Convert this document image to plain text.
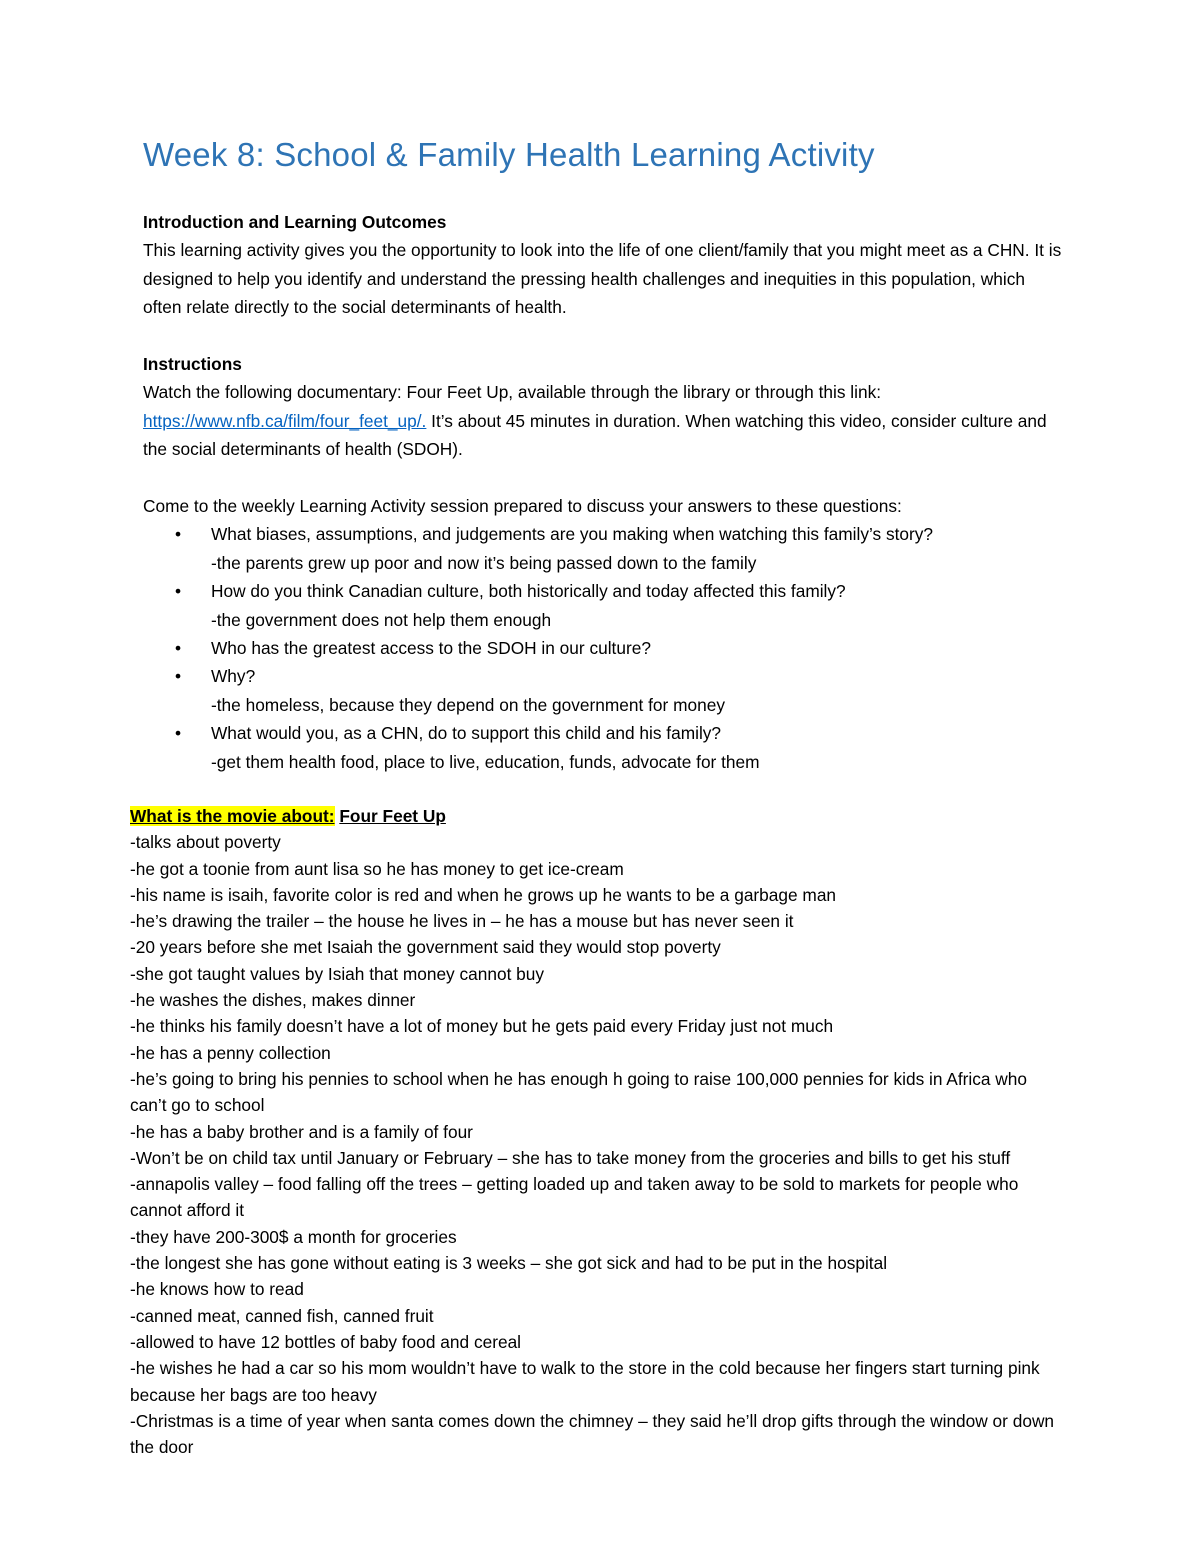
Week 8: School & Family Health Learning Activity

Introduction and Learning Outcomes

This learning activity gives you the opportunity to look into the life of one client/family that you might meet as a CHN. It is designed to help you identify and understand the pressing health challenges and inequities in this population, which often relate directly to the social determinants of health.

Instructions

Watch the following documentary: Four Feet Up, available through the library or through this link: https://www.nfb.ca/film/four_feet_up/. It’s about 45 minutes in duration. When watching this video, consider culture and the social determinants of health (SDOH).

Come to the weekly Learning Activity session prepared to discuss your answers to these questions:

• What biases, assumptions, and judgements are you making when watching this family’s story?
-the parents grew up poor and now it’s being passed down to the family
• How do you think Canadian culture, both historically and today affected this family?
-the government does not help them enough
• Who has the greatest access to the SDOH in our culture?
• Why?
-the homeless, because they depend on the government for money
• What would you, as a CHN, do to support this child and his family?
-get them health food, place to live, education, funds, advocate for them

What is the movie about: Four Feet Up

-talks about poverty

-he got a toonie from aunt lisa so he has money to get ice-cream

-his name is isaih, favorite color is red and when he grows up he wants to be a garbage man

-he’s drawing the trailer – the house he lives in – he has a mouse but has never seen it

-20 years before she met Isaiah the government said they would stop poverty

-she got taught values by Isiah that money cannot buy

-he washes the dishes, makes dinner

-he thinks his family doesn’t have a lot of money but he gets paid every Friday just not much

-he has a penny collection

-he’s going to bring his pennies to school when he has enough h going to raise 100,000 pennies for kids in Africa who can’t go to school

-he has a baby brother and is a family of four

-Won’t be on child tax until January or February – she has to take money from the groceries and bills to get his stuff

-annapolis valley – food falling off the trees – getting loaded up and taken away to be sold to markets for people who cannot afford it

-they have 200-300$ a month for groceries

-the longest she has gone without eating is 3 weeks – she got sick and had to be put in the hospital

-he knows how to read

-canned meat, canned fish, canned fruit

-allowed to have 12 bottles of baby food and cereal

-he wishes he had a car so his mom wouldn’t have to walk to the store in the cold because her fingers start turning pink because her bags are too heavy

-Christmas is a time of year when santa comes down the chimney – they said he’ll drop gifts through the window or down the door
